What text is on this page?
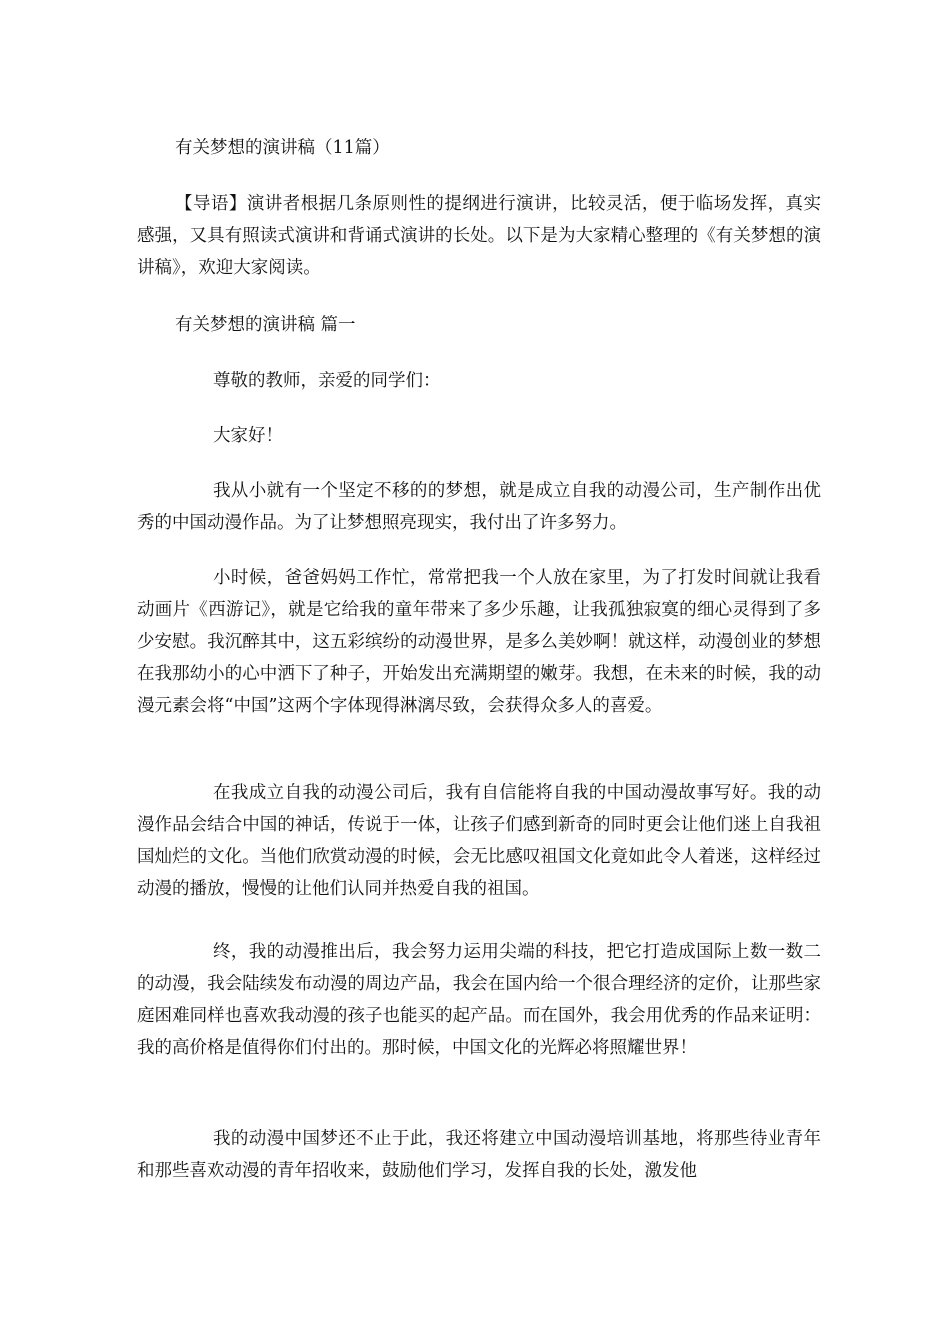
有关梦想的演讲稿（11篇）

【导语】演讲者根据几条原则性的提纲进行演讲，比较灵活，便于临场发挥，真实感强，又具有照读式演讲和背诵式演讲的长处。以下是为大家精心整理的《有关梦想的演讲稿》，欢迎大家阅读。

有关梦想的演讲稿 篇一

尊敬的教师，亲爱的同学们：

大家好！

我从小就有一个坚定不移的的梦想，就是成立自我的动漫公司，生产制作出优秀的中国动漫作品。为了让梦想照亮现实，我付出了许多努力。

小时候，爸爸妈妈工作忙，常常把我一个人放在家里，为了打发时间就让我看动画片《西游记》，就是它给我的童年带来了多少乐趣，让我孤独寂寞的细心灵得到了多少安慰。我沉醉其中，这五彩缤纷的动漫世界，是多么美妙啊！就这样，动漫创业的梦想在我那幼小的心中洒下了种子，开始发出充满期望的嫩芽。我想，在未来的时候，我的动漫元素会将“中国”这两个字体现得淋漓尽致，会获得众多人的喜爱。

在我成立自我的动漫公司后，我有自信能将自我的中国动漫故事写好。我的动漫作品会结合中国的神话，传说于一体，让孩子们感到新奇的同时更会让他们迷上自我祖国灿烂的文化。当他们欣赏动漫的时候，会无比感叹祖国文化竟如此令人着迷，这样经过动漫的播放，慢慢的让他们认同并热爱自我的祖国。

终，我的动漫推出后，我会努力运用尖端的科技，把它打造成国际上数一数二的动漫，我会陆续发布动漫的周边产品，我会在国内给一个很合理经济的定价，让那些家庭困难同样也喜欢我动漫的孩子也能买的起产品。而在国外，我会用优秀的作品来证明：我的高价格是值得你们付出的。那时候，中国文化的光辉必将照耀世界！

我的动漫中国梦还不止于此，我还将建立中国动漫培训基地，将那些待业青年和那些喜欢动漫的青年招收来，鼓励他们学习，发挥自我的长处，激发他
